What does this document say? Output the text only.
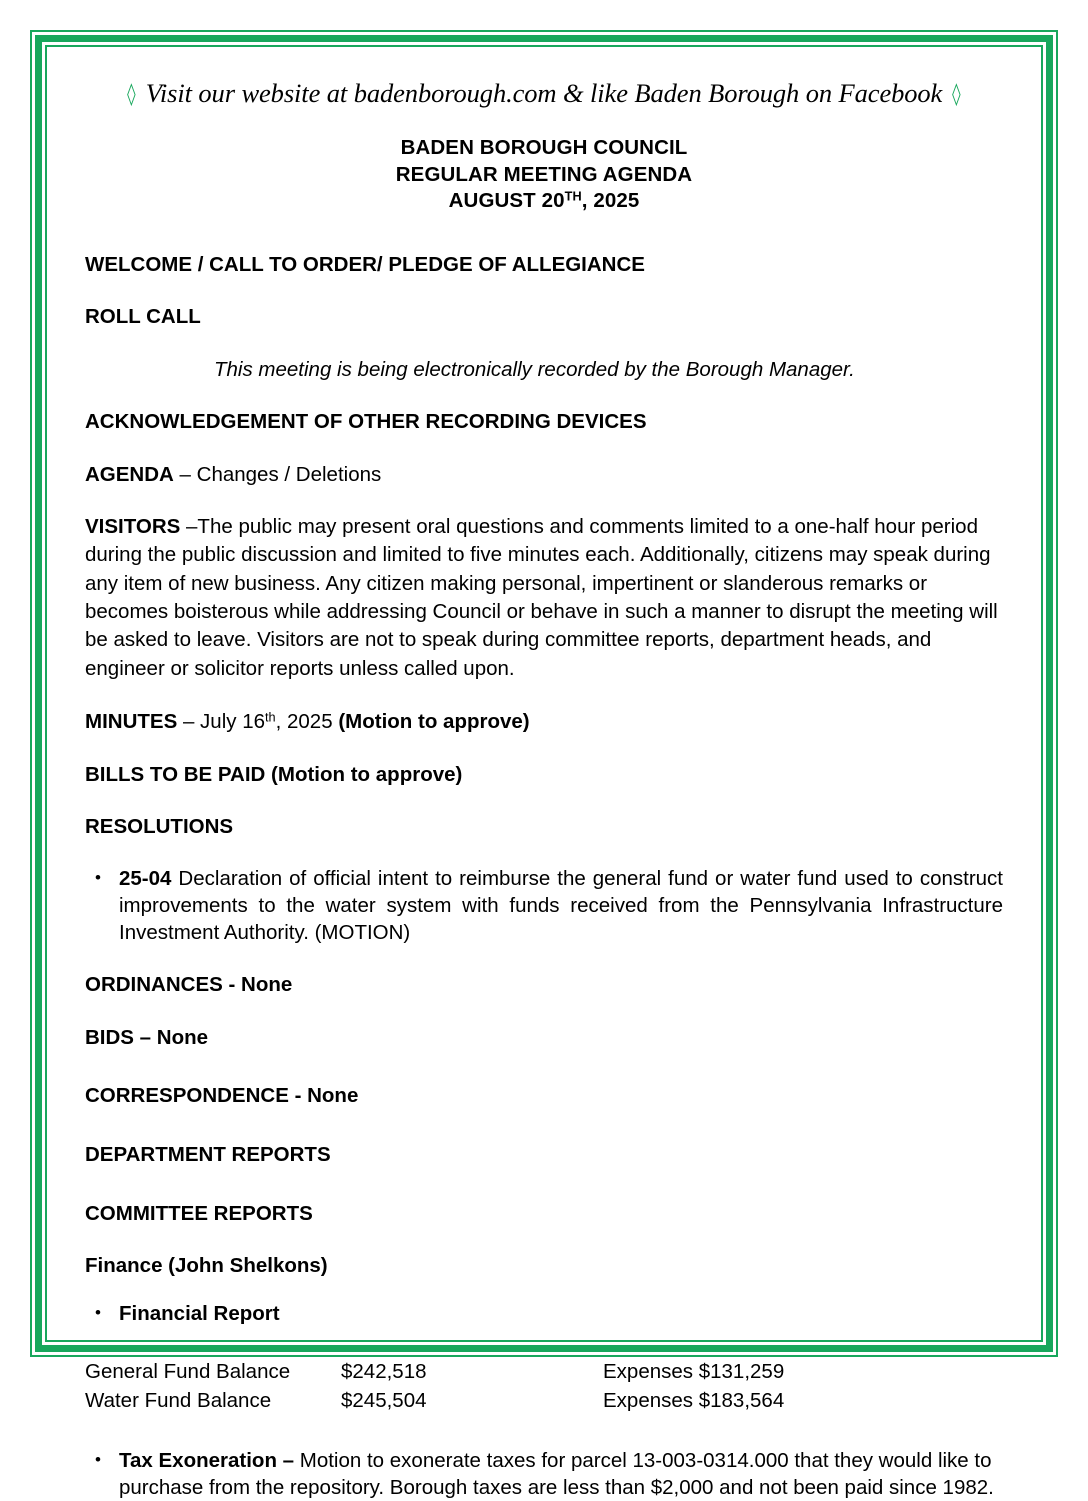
◊ Visit our website at badenborough.com & like Baden Borough on Facebook ◊
BADEN BOROUGH COUNCIL
REGULAR MEETING AGENDA
AUGUST 20TH, 2025
WELCOME / CALL TO ORDER/ PLEDGE OF ALLEGIANCE
ROLL CALL
This meeting is being electronically recorded by the Borough Manager.
ACKNOWLEDGEMENT OF OTHER RECORDING DEVICES
AGENDA – Changes / Deletions
VISITORS –The public may present oral questions and comments limited to a one-half hour period during the public discussion and limited to five minutes each. Additionally, citizens may speak during any item of new business. Any citizen making personal, impertinent or slanderous remarks or becomes boisterous while addressing Council or behave in such a manner to disrupt the meeting will be asked to leave. Visitors are not to speak during committee reports, department heads, and engineer or solicitor reports unless called upon.
MINUTES – July 16th, 2025 (Motion to approve)
BILLS TO BE PAID (Motion to approve)
RESOLUTIONS
• 25-04 Declaration of official intent to reimburse the general fund or water fund used to construct improvements to the water system with funds received from the Pennsylvania Infrastructure Investment Authority. (MOTION)
ORDINANCES - None
BIDS – None
CORRESPONDENCE - None
DEPARTMENT REPORTS
COMMITTEE REPORTS
Finance (John Shelkons)
• Financial Report
General Fund Balance	$242,518	Expenses $131,259
Water Fund Balance	$245,504	Expenses $183,564
• Tax Exoneration – Motion to exonerate taxes for parcel 13-003-0314.000 that they would like to purchase from the repository. Borough taxes are less than $2,000 and not been paid since 1982.
